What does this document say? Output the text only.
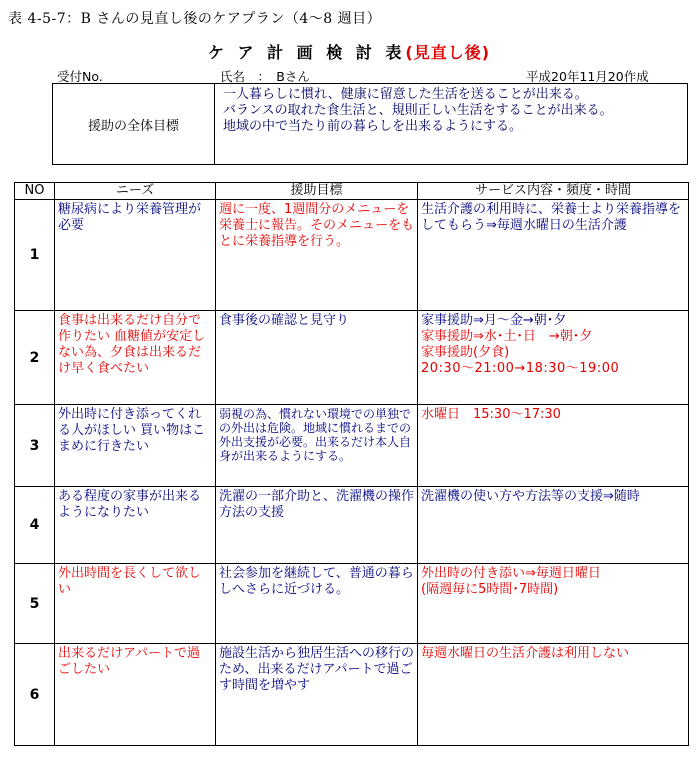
表 4-5-7：B さんの見直し後のケアプラン（4〜8 週目）
ケ ア 計 画 検 討 表(見直し後)
受付No.	氏名　：　Bさん	平成20年11月20作成
援助の全体目標
一人暮らしに慣れ、健康に留意した生活を送ることが出来る。
バランスの取れた食生活と、規則正しい生活をすることが出来る。
地域の中で当たり前の暮らしを出来るようにする。
NO	ニーズ	援助目標	サービス内容・頻度・時間
1	糖尿病により栄養管理が必要	週に一度、1週間分のメニューを栄養士に報告。そのメニューをもとに栄養指導を行う。	生活介護の利用時に、栄養士より栄養指導をしてもらう⇒毎週水曜日の生活介護

2	食事は出来るだけ自分で作りたい 血糖値が安定しない為、夕食は出来るだけ早く食べたい	食事後の確認と見守り	家事援助⇒月～金→朝･夕
家事援助⇒水･土･日　→朝･夕
家事援助(夕食)
20:30～21:00→18:30～19:00

3	外出時に付き添ってくれる人がほしい 買い物はこまめに行きたい	弱視の為、慣れない環境での単独での外出は危険。地域に慣れるまでの外出支援が必要。出来るだけ本人自身が出来るようにする。	水曜日　15:30～17:30

4	ある程度の家事が出来るようになりたい	洗濯の一部介助と、洗濯機の操作方法の支援	洗濯機の使い方や方法等の支援⇒随時

5	外出時間を長くして欲しい	社会参加を継続して、普通の暮らしへさらに近づける。	外出時の付き添い⇒毎週日曜日
(隔週毎に5時間･7時間)

6	出来るだけアパートで過ごしたい	施設生活から独居生活への移行のため、出来るだけアパートで過ごす時間を増やす	毎週水曜日の生活介護は利用しない
